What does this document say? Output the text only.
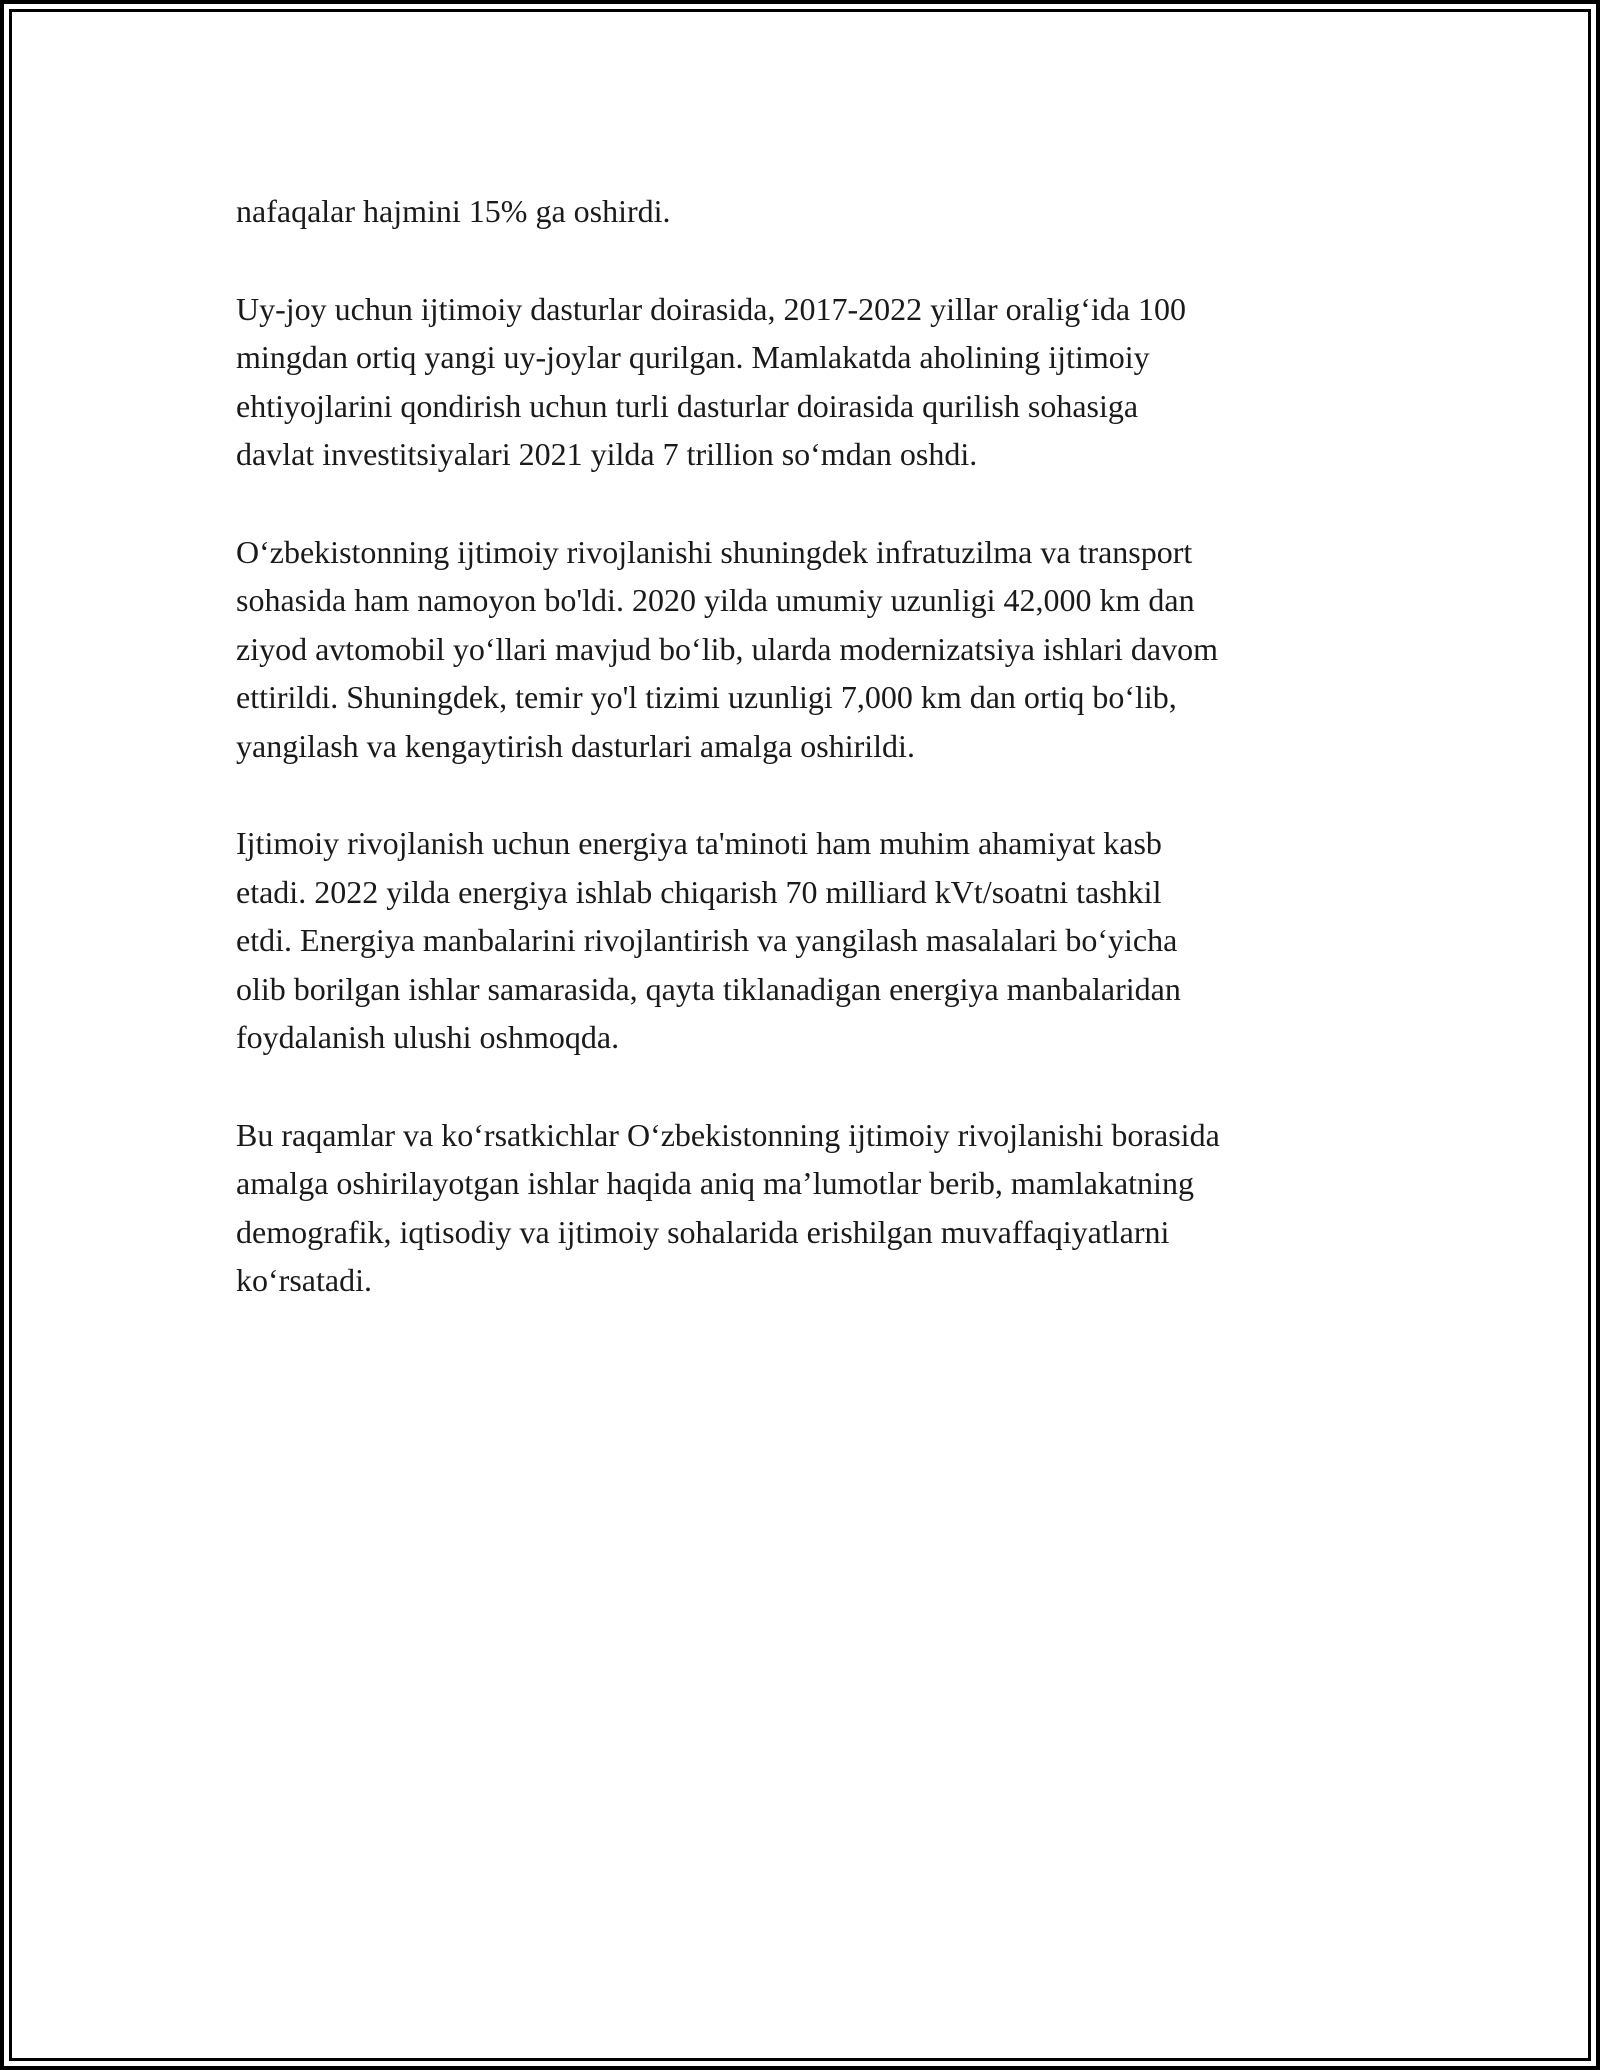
nafaqalar hajmini 15% ga oshirdi.

Uy-joy uchun ijtimoiy dasturlar doirasida, 2017-2022 yillar oralig‘ida 100
mingdan ortiq yangi uy-joylar qurilgan. Mamlakatda aholining ijtimoiy
ehtiyojlarini qondirish uchun turli dasturlar doirasida qurilish sohasiga
davlat investitsiyalari 2021 yilda 7 trillion so‘mdan oshdi.

O‘zbekistonning ijtimoiy rivojlanishi shuningdek infratuzilma va transport
sohasida ham namoyon bo'ldi. 2020 yilda umumiy uzunligi 42,000 km dan
ziyod avtomobil yo‘llari mavjud bo‘lib, ularda modernizatsiya ishlari davom
ettirildi. Shuningdek, temir yo'l tizimi uzunligi 7,000 km dan ortiq bo‘lib,
yangilash va kengaytirish dasturlari amalga oshirildi.

Ijtimoiy rivojlanish uchun energiya ta'minoti ham muhim ahamiyat kasb
etadi. 2022 yilda energiya ishlab chiqarish 70 milliard kVt/soatni tashkil
etdi. Energiya manbalarini rivojlantirish va yangilash masalalari bo‘yicha
olib borilgan ishlar samarasida, qayta tiklanadigan energiya manbalaridan
foydalanish ulushi oshmoqda.

Bu raqamlar va ko‘rsatkichlar O‘zbekistonning ijtimoiy rivojlanishi borasida
amalga oshirilayotgan ishlar haqida aniq ma’lumotlar berib, mamlakatning
demografik, iqtisodiy va ijtimoiy sohalarida erishilgan muvaffaqiyatlarni
ko‘rsatadi.
